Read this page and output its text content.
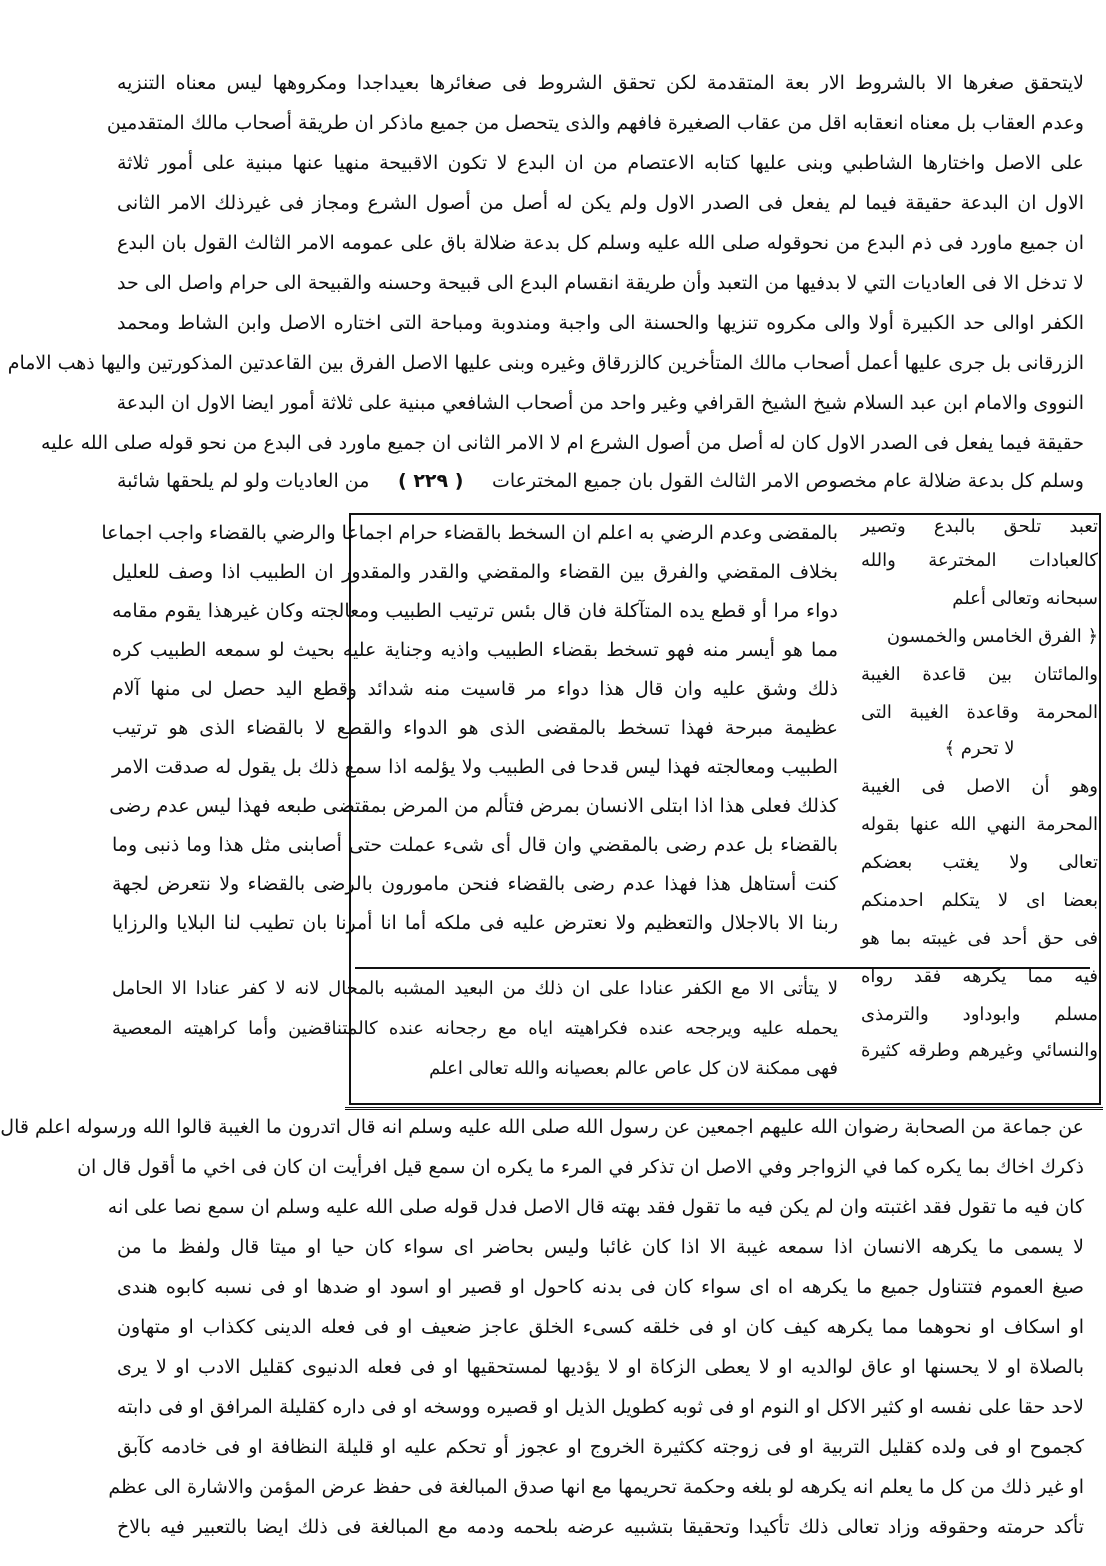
لايتحقق صغرها الا بالشروط الار بعة المتقدمة لكن تحقق الشروط فى صغائرها بعيداجدا ومكروهها ليس معناه التنزيه
وعدم العقاب بل معناه انعقابه اقل من عقاب الصغيرة فافهم والذى يتحصل من جميع ماذكر ان طريقة أصحاب مالك المتقدمين
على الاصل واختارها الشاطبي وبنى عليها كتابه الاعتصام من ان البدع لا تكون الاقبيحة منهيا عنها مبنية على أمور ثلاثة
الاول ان البدعة حقيقة فيما لم يفعل فى الصدر الاول ولم يكن له أصل من أصول الشرع ومجاز فى غيرذلك الامر الثانى
ان جميع ماورد فى ذم البدع من نحوقوله صلى الله عليه وسلم كل بدعة ضلالة باق على عمومه الامر الثالث القول بان البدع
لا تدخل الا فى العاديات التي لا بدفيها من التعبد وأن طريقة انقسام البدع الى قبيحة وحسنه والقبيحة الى حرام واصل الى حد
الكفر اوالى حد الكبيرة أولا والى مكروه تنزيها والحسنة الى واجبة ومندوبة ومباحة التى اختاره الاصل وابن الشاط ومحمد
الزرقانى بل جرى عليها أعمل أصحاب مالك المتأخرين كالزرقاق وغيره وبنى عليها الاصل الفرق بين القاعدتين المذكورتين واليها ذهب الامام
النووى والامام ابن عبد السلام شيخ الشيخ القرافي وغير واحد من أصحاب الشافعي مبنية على ثلاثة أمور ايضا الاول ان البدعة
حقيقة فيما يفعل فى الصدر الاول كان له أصل من أصول الشرع ام لا الامر الثانى ان جميع ماورد فى البدع من نحو قوله صلى الله عليه
وسلم كل بدعة ضلالة عام مخصوص الامر الثالث القول بان جميع المخترعات
( ٢٢٩ )
من العاديات ولو لم يلحقها شائبة
تعبد تلحق بالبدع وتصير
كالعبادات المخترعة والله
سبحانه وتعالى أعلم
﴿ الفرق الخامس والخمسون
والمائتان بين قاعدة الغيبة
المحرمة وقاعدة الغيبة التى
لا تحرم ﴾
وهو أن الاصل فى الغيبة
المحرمة النهي الله عنها بقوله
تعالى ولا يغتب بعضكم
بعضا اى لا يتكلم احدمنكم
فى حق أحد فى غيبته بما هو
فيه مما يكرهه فقد رواه
مسلم وابوداود والترمذى
والنسائي وغيرهم وطرقه كثيرة
بالمقضى وعدم الرضي به اعلم ان السخط بالقضاء حرام اجماعا والرضي بالقضاء واجب اجماعا
بخلاف المقضي والفرق بين القضاء والمقضي والقدر والمقدور ان الطبيب اذا وصف للعليل
دواء مرا أو قطع يده المتآكلة فان قال بئس ترتيب الطبيب ومعالجته وكان غيرهذا يقوم مقامه
مما هو أيسر منه فهو تسخط بقضاء الطبيب واذيه وجناية عليه بحيث لو سمعه الطبيب كره
ذلك وشق عليه وان قال هذا دواء مر قاسيت منه شدائد وقطع اليد حصل لى منها آلام
عظيمة مبرحة فهذا تسخط بالمقضى الذى هو الدواء والقطع لا بالقضاء الذى هو ترتيب
الطبيب ومعالجته فهذا ليس قدحا فى الطبيب ولا يؤلمه اذا سمع ذلك بل يقول له صدقت الامر
كذلك فعلى هذا اذا ابتلى الانسان بمرض فتألم من المرض بمقتضى طبعه فهذا ليس عدم رضى
بالقضاء بل عدم رضى بالمقضي وان قال أى شىء عملت حتى أصابنى مثل هذا وما ذنبى وما
كنت أستاهل هذا فهذا عدم رضى بالقضاء فنحن مامورون بالرضى بالقضاء ولا نتعرض لجهة
ربنا الا بالاجلال والتعظيم ولا نعترض عليه فى ملكه أما انا أمرنا بان تطيب لنا البلايا والرزايا
لا يتأتى الا مع الكفر عنادا على ان ذلك من البعيد المشبه بالمحال لانه لا كفر عنادا الا الحامل
يحمله عليه ويرجحه عنده فكراهيته اياه مع رجحانه عنده كالمتناقضين وأما كراهيته المعصية
فهى ممكنة لان كل عاص عالم بعصيانه والله تعالى اعلم
عن جماعة من الصحابة رضوان الله عليهم اجمعين عن رسول الله صلى الله عليه وسلم انه قال اتدرون ما الغيبة قالوا الله ورسوله اعلم قال
ذكرك اخاك بما يكره كما في الزواجر وفي الاصل ان تذكر في المرء ما يكره ان سمع قيل افرأيت ان كان فى اخي ما أقول قال ان
كان فيه ما تقول فقد اغتبته وان لم يكن فيه ما تقول فقد بهته قال الاصل فدل قوله صلى الله عليه وسلم ان سمع نصا على انه
لا يسمى ما يكرهه الانسان اذا سمعه غيبة الا اذا كان غائبا وليس بحاضر اى سواء كان حيا او ميتا قال ولفظ ما من
صيغ العموم فتتناول جميع ما يكرهه اه اى سواء كان فى بدنه كاحول او قصير او اسود او ضدها او فى نسبه كابوه هندى
او اسكاف او نحوهما مما يكرهه كيف كان او فى خلقه كسىء الخلق عاجز ضعيف او فى فعله الدينى ككذاب او متهاون
بالصلاة او لا يحسنها او عاق لوالديه او لا يعطى الزكاة او لا يؤديها لمستحقيها او فى فعله الدنيوى كقليل الادب او لا يرى
لاحد حقا على نفسه او كثير الاكل او النوم او فى ثوبه كطويل الذيل او قصيره ووسخه او فى داره كقليلة المرافق او فى دابته
كجموح او فى ولده كقليل التربية او فى زوجته ككثيرة الخروج او عجوز أو تحكم عليه او قليلة النظافة او فى خادمه كآبق
او غير ذلك من كل ما يعلم انه يكرهه لو بلغه وحكمة تحريمها مع انها صدق المبالغة فى حفظ عرض المؤمن والاشارة الى عظم
تأكد حرمته وحقوقه وزاد تعالى ذلك تأكيدا وتحقيقا بتشبيه عرضه بلحمه ودمه مع المبالغة فى ذلك ايضا بالتعبير فيه بالاخ
